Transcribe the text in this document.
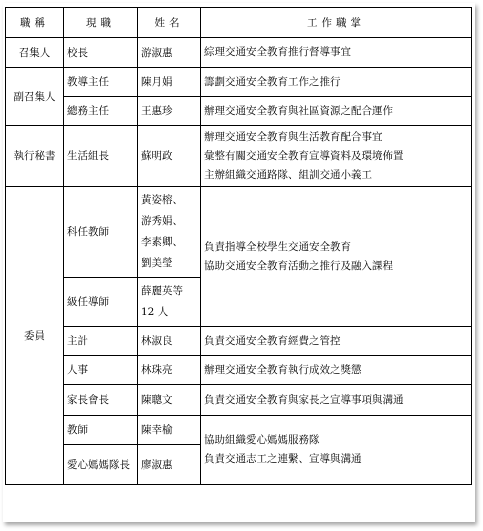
職稱	現職	姓名	工作職掌
召集人	校長	游淑惠	綜理交通安全教育推行督導事宜

副召集人	教導主任	陳月娟	籌劃交通安全教育工作之推行

	總務主任	王惠珍	辦理交通安全教育與社區資源之配合運作

執行秘書	生活組長	蘇明政	辦理交通安全教育與生活教育配合事宜
彙整有關交通安全教育宣導資料及環境佈置
主辦組織交通路隊、組訓交通小義工

委員	科任教師	黃姿榕、
游秀娟、
李素卿、
劉美瑩	負責指導全校學生交通安全教育
協助交通安全教育活動之推行及融入課程

	級任導師	薛麗英等
12 人	

	主計	林淑良	負責交通安全教育經費之管控

	人事	林珠亮	辦理交通安全教育執行成效之獎懲

	家長會長	陳聰文	負責交通安全教育與家長之宣導事項與溝通

	教師	陳幸榆	協助組織愛心媽媽服務隊
負責交通志工之連繫、宣導與溝通

	愛心媽媽隊長	廖淑惠	
